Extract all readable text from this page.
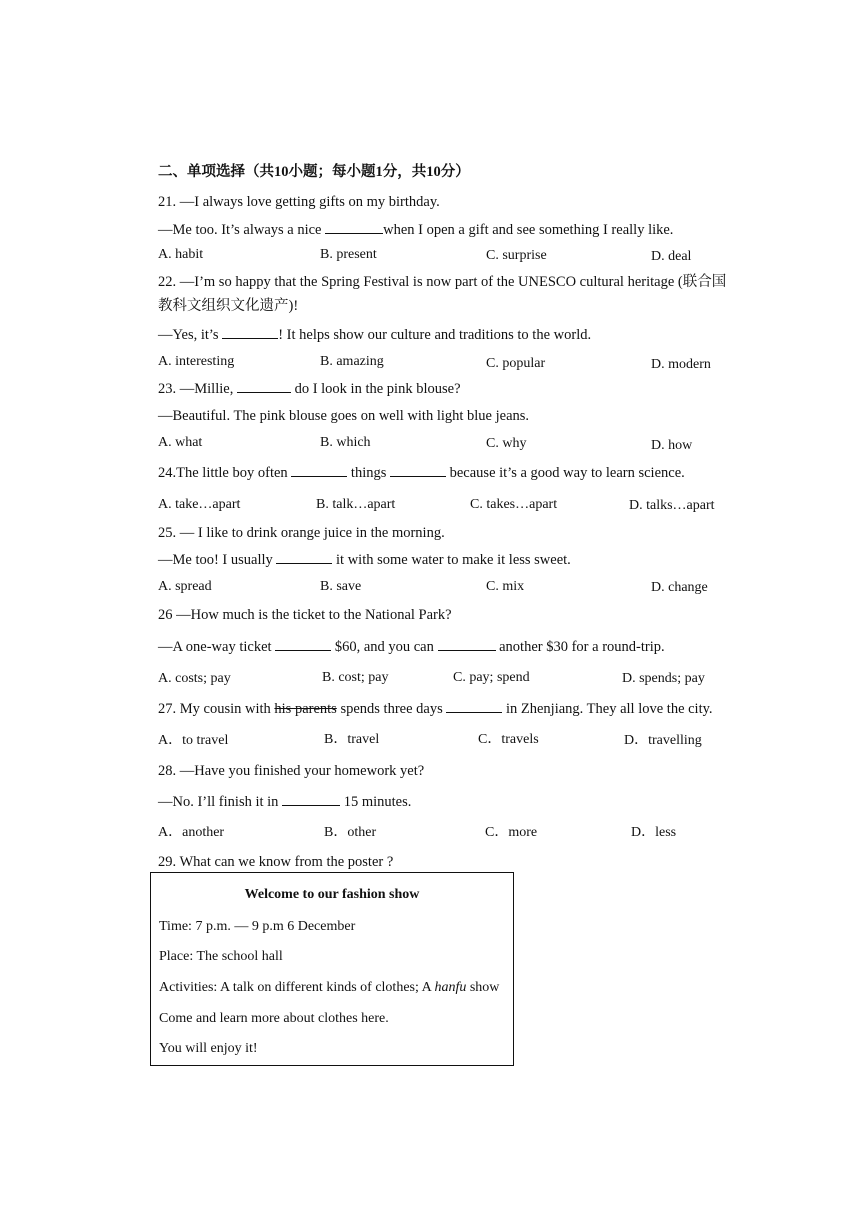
二、单项选择（共10小题；每小题1分，共10分）
21. —I always love getting gifts on my birthday.
—Me too. It’s always a nice	when I open a gift and see something I really like.
A. habit	B. present	C. surprise	D. deal
22. —I’m so happy that the Spring Festival is now part of the UNESCO cultural heritage (联合国
教科文组织文化遗产)!
—Yes, it’s	! It helps show our culture and traditions to the world.
A. interesting	B. amazing	C. popular	D. modern
23. —Millie,	do I look in the pink blouse?
—Beautiful. The pink blouse goes on well with light blue jeans.
A. what	B. which	C. why	D. how
24.The little boy often	things	because it’s a good way to learn science.
A. take…apart	B. talk…apart	C. takes…apart	D. talks…apart
25. — I like to drink orange juice in the morning.
—Me too! I usually	it with some water to make it less sweet.
A. spread	B. save	C. mix	D. change
26 —How much is the ticket to the National Park?
—A one-way ticket	$60, and you can	another $30 for a round-trip.
A. costs; pay	B. cost; pay	C. pay; spend	D. spends; pay
27. My cousin with his parents spends three days	in Zhenjiang. They all love the city.
A．to travel	B．travel	C．travels	D．travelling
28. —Have you finished your homework yet?
—No. I’ll finish it in	15 minutes.
A．another	B．other	C．more	D．less
29. What can we know from the poster ?
Welcome to our fashion show
Time: 7 p.m. — 9 p.m 6 December
Place: The school hall
Activities: A talk on different kinds of clothes; A hanfu show
Come and learn more about clothes here.
You will enjoy it!
